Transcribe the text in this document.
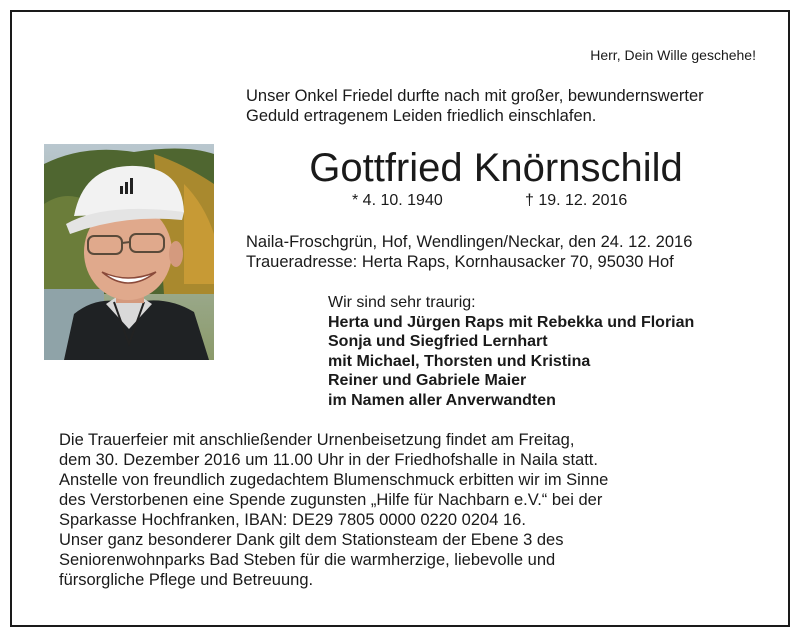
Herr, Dein Wille geschehe!
Unser Onkel Friedel durfte nach mit großer, bewundernswerter
Geduld ertragenem Leiden friedlich einschlafen.
Gottfried Knörnschild
* 4. 10. 1940	† 19. 12. 2016
Naila-Froschgrün, Hof, Wendlingen/Neckar, den 24. 12. 2016
Traueradresse: Herta Raps, Kornhausacker 70, 95030 Hof
Wir sind sehr traurig:
Herta und Jürgen Raps mit Rebekka und Florian
Sonja und Siegfried Lernhart
mit Michael, Thorsten und Kristina
Reiner und Gabriele Maier
im Namen aller Anverwandten

Die Trauerfeier mit anschließender Urnenbeisetzung findet am Freitag,
dem 30. Dezember 2016 um 11.00 Uhr in der Friedhofshalle in Naila statt.

Anstelle von freundlich zugedachtem Blumenschmuck erbitten wir im Sinne
des Verstorbenen eine Spende zugunsten „Hilfe für Nachbarn e.V.“ bei der
Sparkasse Hochfranken, IBAN: DE29 7805 0000 0220 0204 16.

Unser ganz besonderer Dank gilt dem Stationsteam der Ebene 3 des
Seniorenwohnparks Bad Steben für die warmherzige, liebevolle und
fürsorgliche Pflege und Betreuung.
